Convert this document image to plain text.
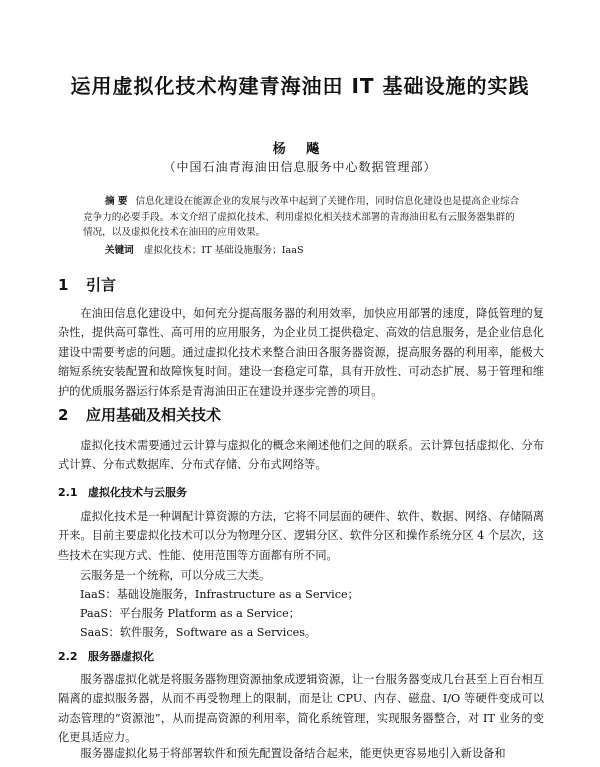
运用虚拟化技术构建青海油田 IT 基础设施的实践
杨 飚
（中国石油青海油田信息服务中心数据管理部）
摘 要 信息化建设在能源企业的发展与改革中起到了关键作用，同时信息化建设也是提高企业综合竞争力的必要手段。本文介绍了虚拟化技术、利用虚拟化相关技术部署的青海油田私有云服务器集群的情况，以及虚拟化技术在油田的应用效果。
关键词 虚拟化技术；IT 基础设施服务；IaaS
1 引言
在油田信息化建设中，如何充分提高服务器的利用效率，加快应用部署的速度，降低管理的复杂性，提供高可靠性、高可用的应用服务，为企业员工提供稳定、高效的信息服务，是企业信息化建设中需要考虑的问题。通过虚拟化技术来整合油田各服务器资源，提高服务器的利用率，能极大缩短系统安装配置和故障恢复时间。建设一套稳定可靠，具有开放性、可动态扩展、易于管理和维护的优质服务器运行体系是青海油田正在建设并逐步完善的项目。
2 应用基础及相关技术
虚拟化技术需要通过云计算与虚拟化的概念来阐述他们之间的联系。云计算包括虚拟化、分布式计算、分布式数据库、分布式存储、分布式网络等。
2.1 虚拟化技术与云服务
虚拟化技术是一种调配计算资源的方法，它将不同层面的硬件、软件、数据、网络、存储隔离开来。目前主要虚拟化技术可以分为物理分区、逻辑分区、软件分区和操作系统分区 4 个层次，这些技术在实现方式、性能、使用范围等方面都有所不同。
云服务是一个统称，可以分成三大类。
IaaS：基础设施服务，Infrastructure as a Service；
PaaS：平台服务 Platform as a Service；
SaaS：软件服务，Software as a Services。
2.2 服务器虚拟化
服务器虚拟化就是将服务器物理资源抽象成逻辑资源，让一台服务器变成几台甚至上百台相互隔离的虚拟服务器，从而不再受物理上的限制，而是让 CPU、内存、磁盘、I/O 等硬件变成可以动态管理的“资源池”，从而提高资源的利用率，简化系统管理，实现服务器整合，对 IT 业务的变化更具适应力。
服务器虚拟化易于将部署软件和预先配置设备结合起来，能更快更容易地引入新设备和
